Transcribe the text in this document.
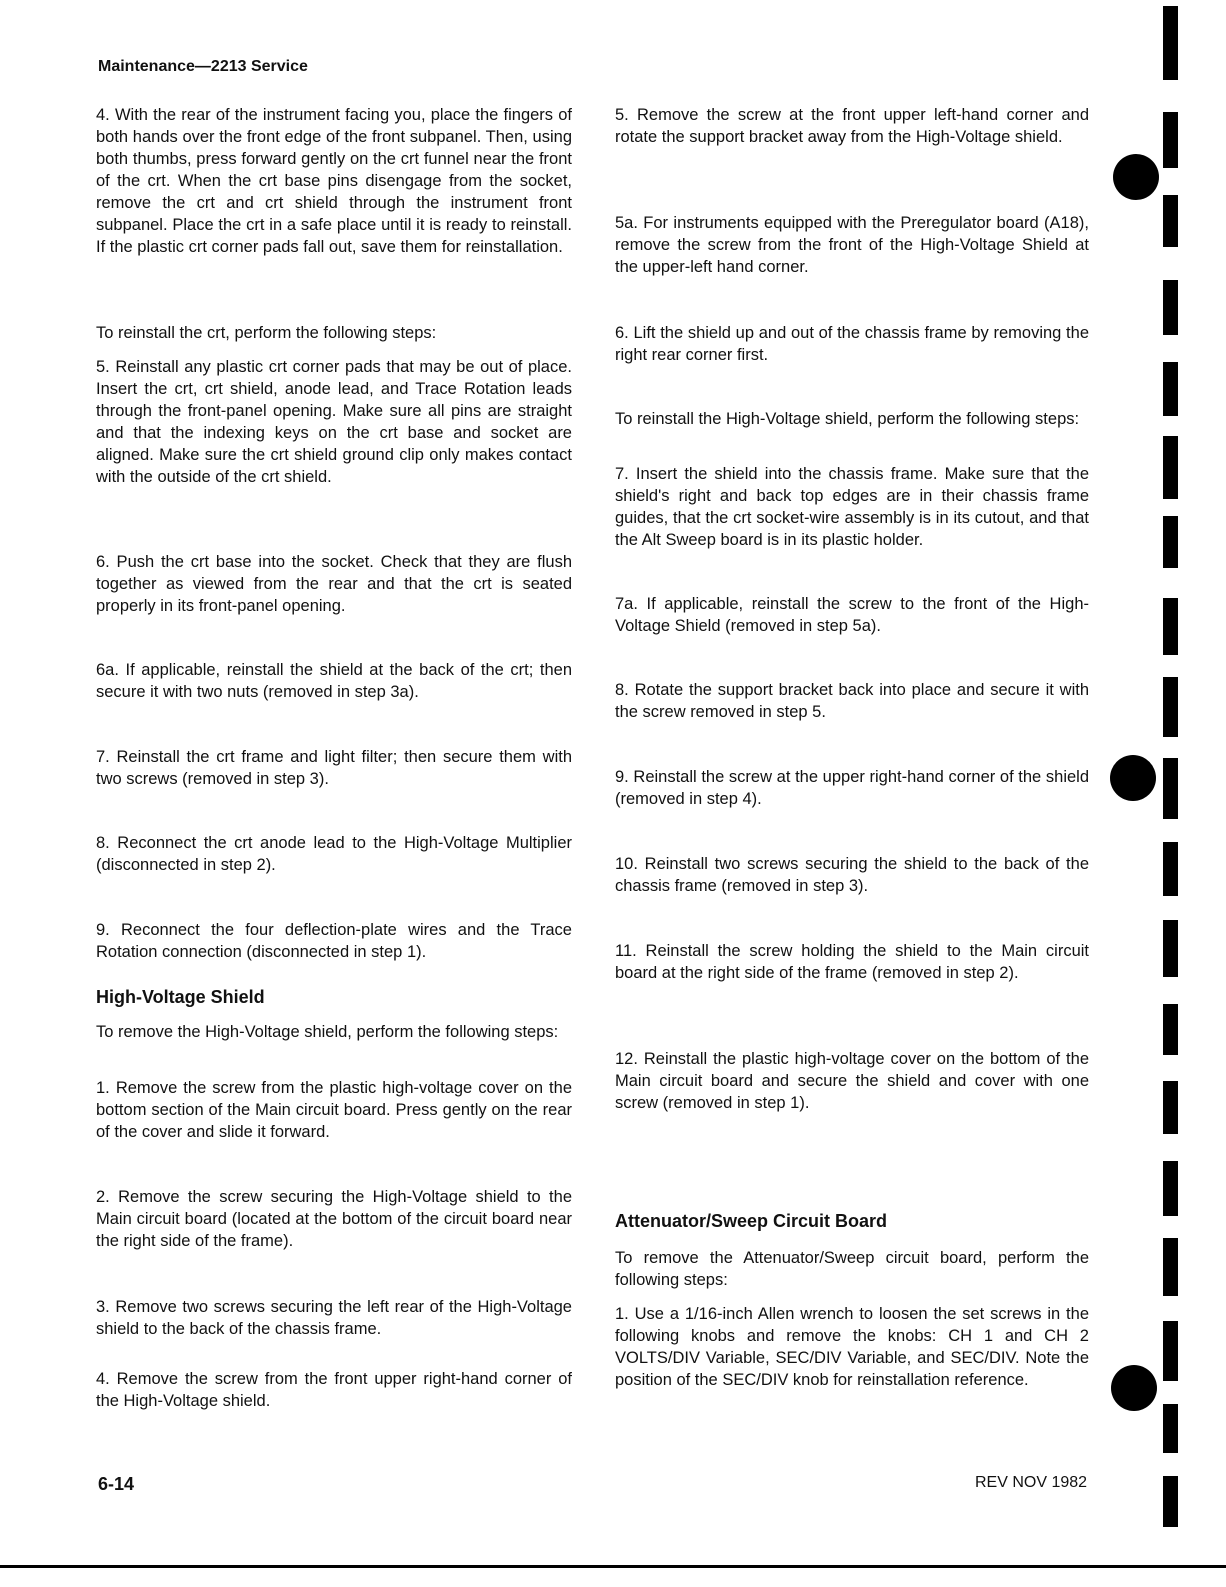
Maintenance—2213 Service

4. With the rear of the instrument facing you, place the fingers of both hands over the front edge of the front subpanel. Then, using both thumbs, press forward gently on the crt funnel near the front of the crt. When the crt base pins disengage from the socket, remove the crt and crt shield through the instrument front subpanel. Place the crt in a safe place until it is ready to reinstall. If the plastic crt corner pads fall out, save them for reinstallation.

To reinstall the crt, perform the following steps:

5. Reinstall any plastic crt corner pads that may be out of place. Insert the crt, crt shield, anode lead, and Trace Rotation leads through the front-panel opening. Make sure all pins are straight and that the indexing keys on the crt base and socket are aligned. Make sure the crt shield ground clip only makes contact with the outside of the crt shield.

6. Push the crt base into the socket. Check that they are flush together as viewed from the rear and that the crt is seated properly in its front-panel opening.

6a. If applicable, reinstall the shield at the back of the crt; then secure it with two nuts (removed in step 3a).

7. Reinstall the crt frame and light filter; then secure them with two screws (removed in step 3).

8. Reconnect the crt anode lead to the High-Voltage Multiplier (disconnected in step 2).

9. Reconnect the four deflection-plate wires and the Trace Rotation connection (disconnected in step 1).

High-Voltage Shield

To remove the High-Voltage shield, perform the following steps:

1. Remove the screw from the plastic high-voltage cover on the bottom section of the Main circuit board. Press gently on the rear of the cover and slide it forward.

2. Remove the screw securing the High-Voltage shield to the Main circuit board (located at the bottom of the circuit board near the right side of the frame).

3. Remove two screws securing the left rear of the High-Voltage shield to the back of the chassis frame.

4. Remove the screw from the front upper right-hand corner of the High-Voltage shield.

5. Remove the screw at the front upper left-hand corner and rotate the support bracket away from the High-Voltage shield.

5a. For instruments equipped with the Preregulator board (A18), remove the screw from the front of the High-Voltage Shield at the upper-left hand corner.

6. Lift the shield up and out of the chassis frame by removing the right rear corner first.

To reinstall the High-Voltage shield, perform the following steps:

7. Insert the shield into the chassis frame. Make sure that the shield's right and back top edges are in their chassis frame guides, that the crt socket-wire assembly is in its cutout, and that the Alt Sweep board is in its plastic holder.

7a. If applicable, reinstall the screw to the front of the High-Voltage Shield (removed in step 5a).

8. Rotate the support bracket back into place and secure it with the screw removed in step 5.

9. Reinstall the screw at the upper right-hand corner of the shield (removed in step 4).

10. Reinstall two screws securing the shield to the back of the chassis frame (removed in step 3).

11. Reinstall the screw holding the shield to the Main circuit board at the right side of the frame (removed in step 2).

12. Reinstall the plastic high-voltage cover on the bottom of the Main circuit board and secure the shield and cover with one screw (removed in step 1).

Attenuator/Sweep Circuit Board

To remove the Attenuator/Sweep circuit board, perform the following steps:

1. Use a 1/16-inch Allen wrench to loosen the set screws in the following knobs and remove the knobs: CH 1 and CH 2 VOLTS/DIV Variable, SEC/DIV Variable, and SEC/DIV. Note the position of the SEC/DIV knob for reinstallation reference.

6-14	REV NOV 1982
